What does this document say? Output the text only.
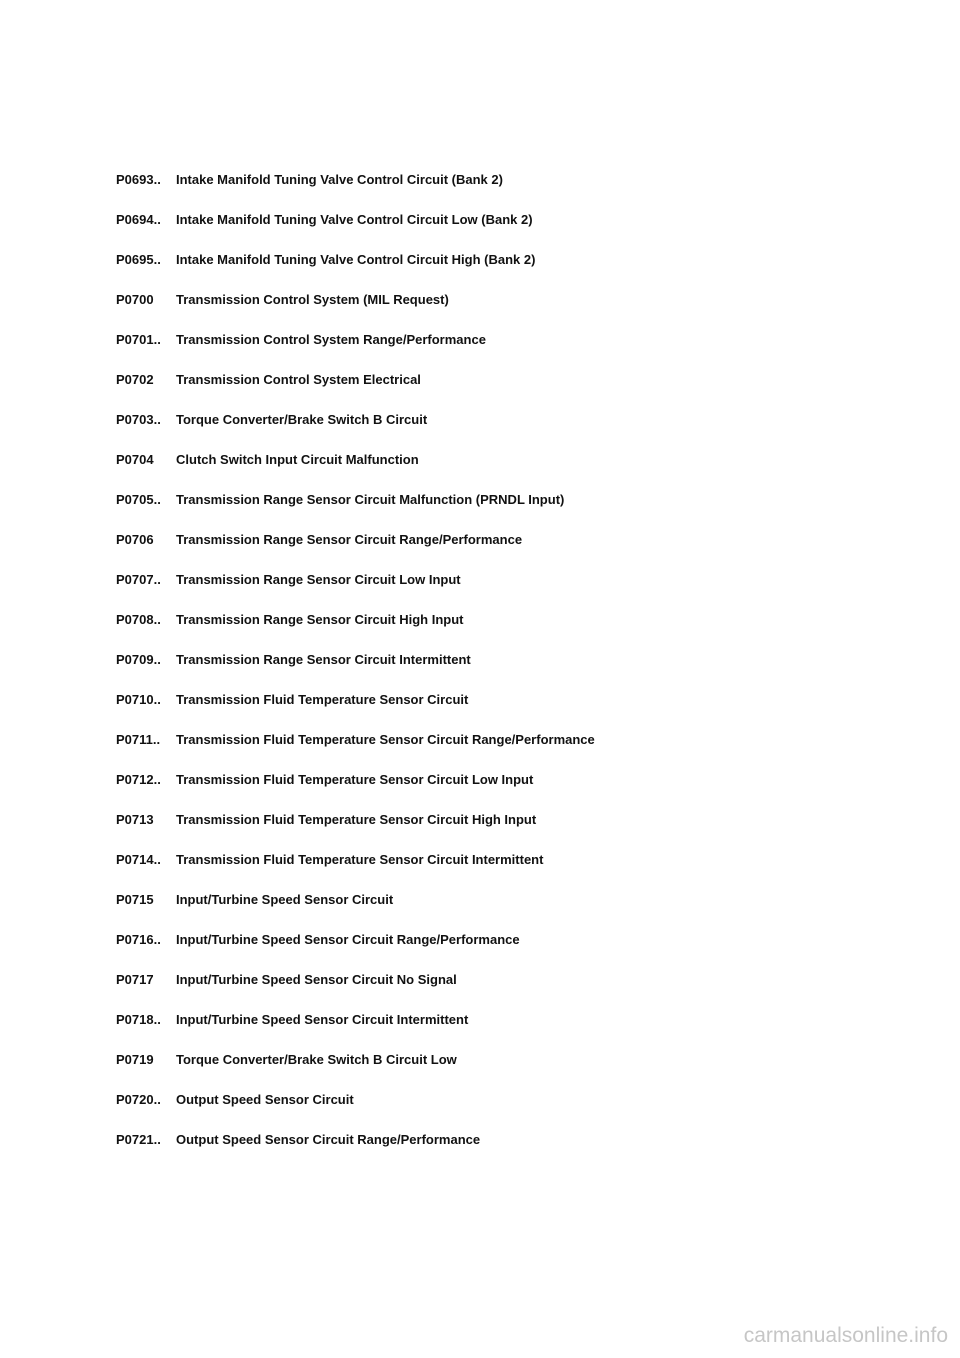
P0693..	Intake Manifold Tuning Valve Control Circuit (Bank 2)
P0694..	Intake Manifold Tuning Valve Control Circuit Low (Bank 2)
P0695..	Intake Manifold Tuning Valve Control Circuit High (Bank 2)
P0700	Transmission Control System (MIL Request)
P0701..	Transmission Control System Range/Performance
P0702	Transmission Control System Electrical
P0703..	Torque Converter/Brake Switch B Circuit
P0704	Clutch Switch Input Circuit Malfunction
P0705..	Transmission Range Sensor Circuit Malfunction (PRNDL Input)
P0706	Transmission Range Sensor Circuit Range/Performance
P0707..	Transmission Range Sensor Circuit Low Input
P0708..	Transmission Range Sensor Circuit High Input
P0709..	Transmission Range Sensor Circuit Intermittent
P0710..	Transmission Fluid Temperature Sensor Circuit
P0711..	Transmission Fluid Temperature Sensor Circuit Range/Performance
P0712..	Transmission Fluid Temperature Sensor Circuit Low Input
P0713	Transmission Fluid Temperature Sensor Circuit High Input
P0714..	Transmission Fluid Temperature Sensor Circuit Intermittent
P0715	Input/Turbine Speed Sensor Circuit
P0716..	Input/Turbine Speed Sensor Circuit Range/Performance
P0717	Input/Turbine Speed Sensor Circuit No Signal
P0718..	Input/Turbine Speed Sensor Circuit Intermittent
P0719	Torque Converter/Brake Switch B Circuit Low
P0720..	Output Speed Sensor Circuit
P0721..	Output Speed Sensor Circuit Range/Performance
carmanualsonline.info
